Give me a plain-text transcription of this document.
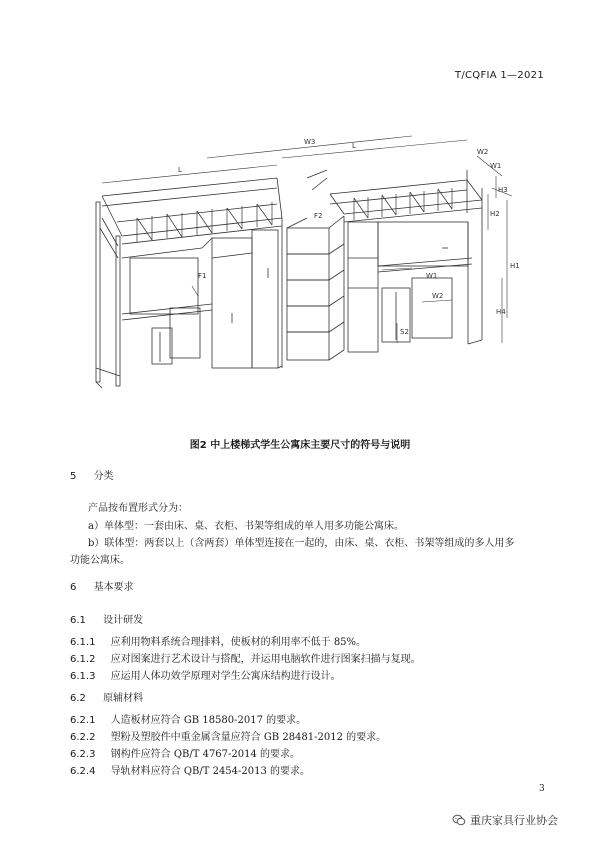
T/CQFIA 1—2021
L
L
W3
W2
W1
H3
H2
H1
H4
S2
W1
W2
F1
F2
图2 中上楼梯式学生公寓床主要尺寸的符号与说明
5 分类
产品按布置形式分为：
a）单体型：一套由床、桌、衣柜、书架等组成的单人用多功能公寓床。
b）联体型：两套以上（含两套）单体型连接在一起的，由床、桌、衣柜、书架等组成的多人用多
功能公寓床。
6 基本要求
6.1 设计研发
6.1.1 应利用物料系统合理排料，使板材的利用率不低于 85%。
6.1.2 应对图案进行艺术设计与搭配，并运用电脑软件进行图案扫描与复现。
6.1.3 应运用人体功效学原理对学生公寓床结构进行设计。
6.2 原辅材料
6.2.1 人造板材应符合 GB 18580-2017 的要求。
6.2.2 塑粉及塑胶件中重金属含量应符合 GB 28481-2012 的要求。
6.2.3 钢构件应符合 QB/T 4767-2014 的要求。
6.2.4 导轨材料应符合 QB/T 2454-2013 的要求。
3
重庆家具行业协会
